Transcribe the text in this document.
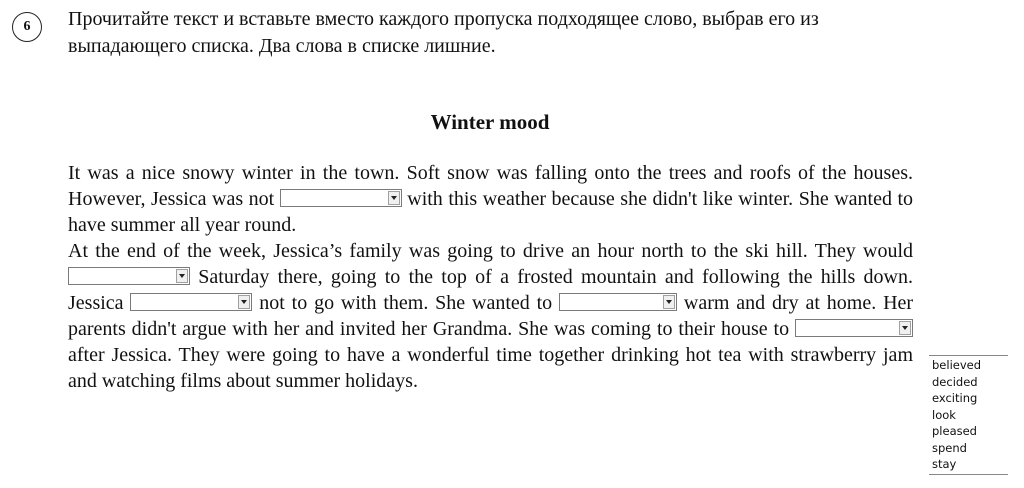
6 Прочитайте текст и вставьте вместо каждого пропуска подходящее слово, выбрав его из выпадающего списка. Два слова в списке лишние.

Winter mood

It was a nice snowy winter in the town. Soft snow was falling onto the trees and roofs of the houses. However, Jessica was not	with this weather because she didn't like winter. She wanted to have summer all year round.

At the end of the week, Jessica’s family was going to drive an hour north to the ski hill. They would
Saturday there, going to the top of a frosted mountain and following the hills down. Jessica	not to go with them. She wanted to	warm and dry at home. Her parents didn't argue with her and invited her Grandma. She was coming to their house to
after Jessica. They were going to have a wonderful time together drinking hot tea with strawberry jam and watching films about summer holidays.

believed
decided
exciting
look
pleased
spend
stay
